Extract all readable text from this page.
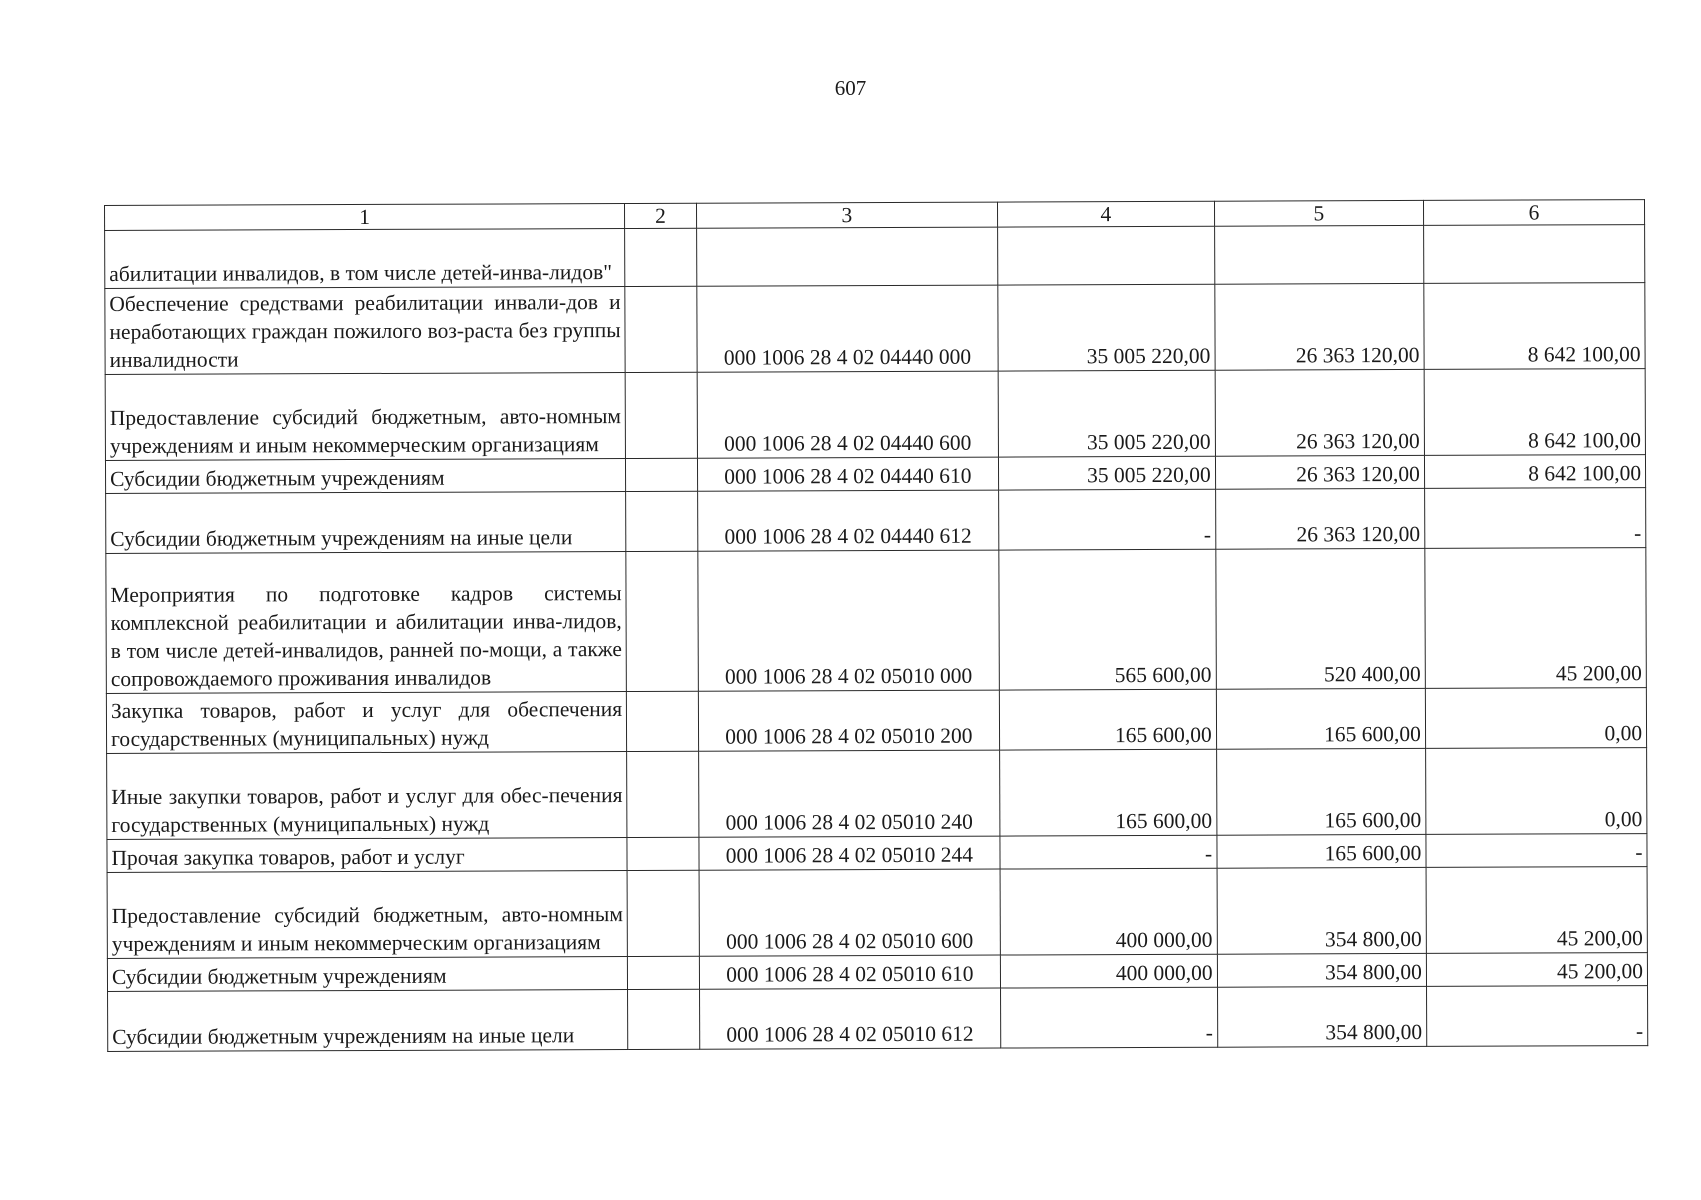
607
1	2	3	4	5	6
абилитации инвалидов, в том числе детей-инва-лидов"					
Обеспечение средствами реабилитации инвали-дов и неработающих граждан пожилого воз-раста без группы инвалидности		000 1006 28 4 02 04440 000	35 005 220,00	26 363 120,00	8 642 100,00
Предоставление субсидий бюджетным, авто-номным учреждениям и иным некоммерческим организациям		000 1006 28 4 02 04440 600	35 005 220,00	26 363 120,00	8 642 100,00
Субсидии бюджетным учреждениям		000 1006 28 4 02 04440 610	35 005 220,00	26 363 120,00	8 642 100,00
Субсидии бюджетным учреждениям на иные цели		000 1006 28 4 02 04440 612	-	26 363 120,00	-
Мероприятия по подготовке кадров системы комплексной реабилитации и абилитации инва-лидов, в том числе детей-инвалидов, ранней по-мощи, а также сопровождаемого проживания инвалидов		000 1006 28 4 02 05010 000	565 600,00	520 400,00	45 200,00
Закупка товаров, работ и услуг для обеспечения государственных (муниципальных) нужд		000 1006 28 4 02 05010 200	165 600,00	165 600,00	0,00
Иные закупки товаров, работ и услуг для обес-печения государственных (муниципальных) нужд		000 1006 28 4 02 05010 240	165 600,00	165 600,00	0,00
Прочая закупка товаров, работ и услуг		000 1006 28 4 02 05010 244	-	165 600,00	-
Предоставление субсидий бюджетным, авто-номным учреждениям и иным некоммерческим организациям		000 1006 28 4 02 05010 600	400 000,00	354 800,00	45 200,00
Субсидии бюджетным учреждениям		000 1006 28 4 02 05010 610	400 000,00	354 800,00	45 200,00
Субсидии бюджетным учреждениям на иные цели		000 1006 28 4 02 05010 612	-	354 800,00	-
